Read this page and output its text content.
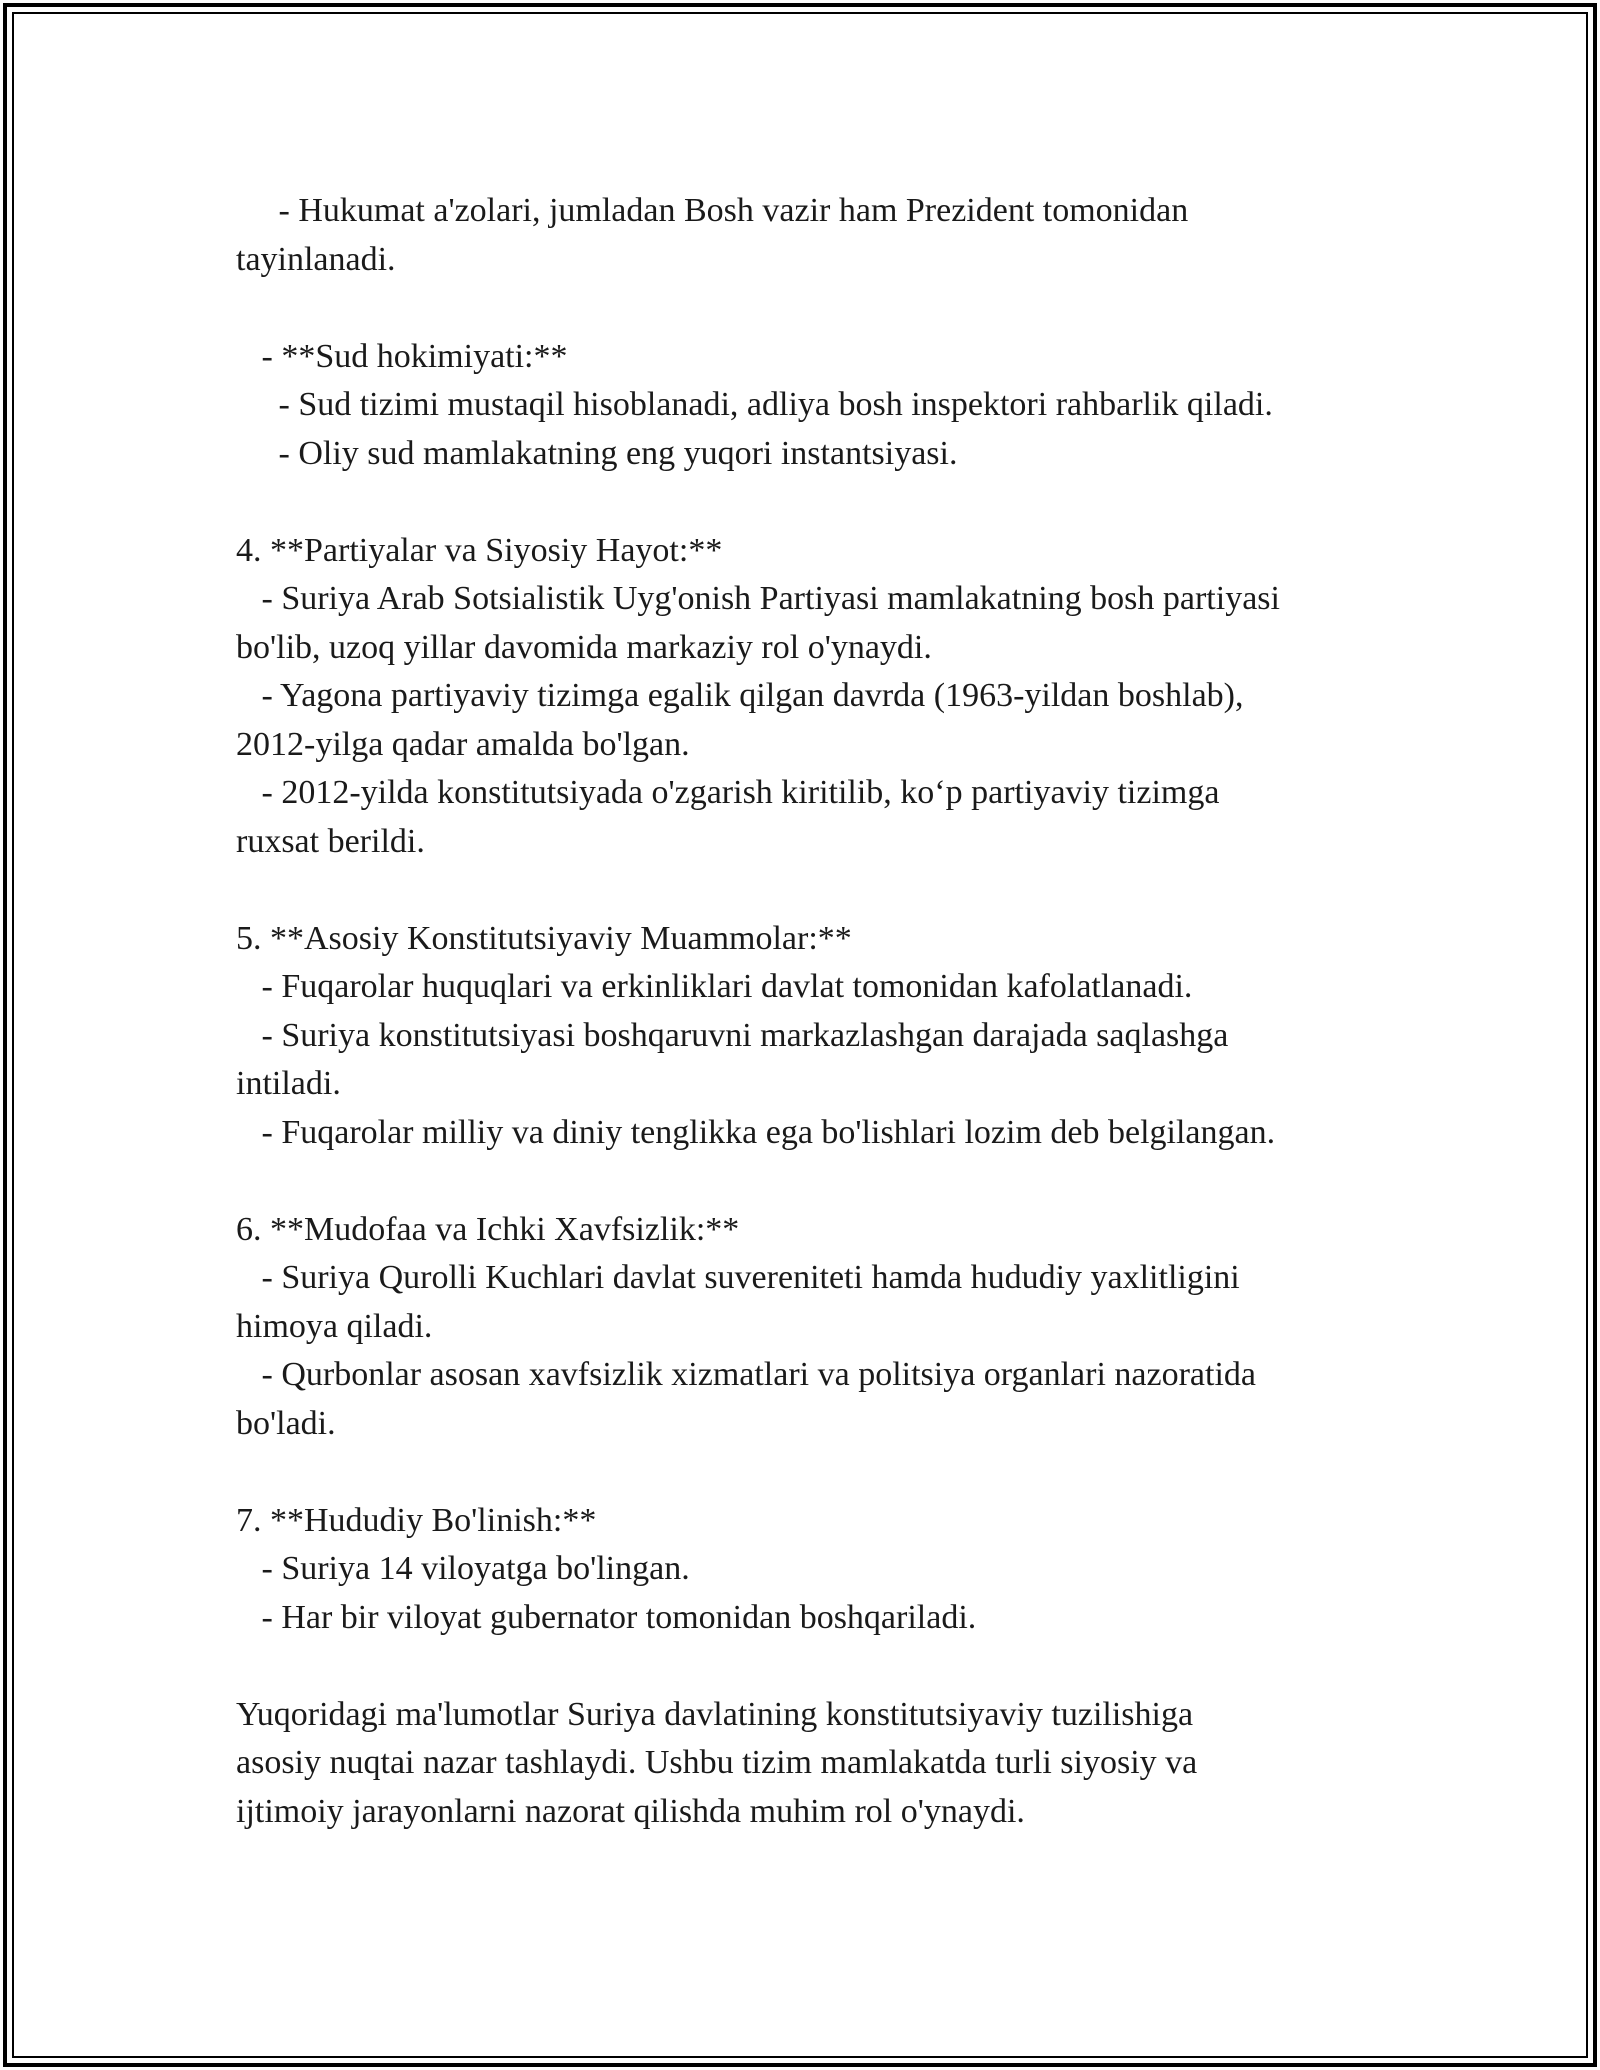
- Hukumat a'zolari, jumladan Bosh vazir ham Prezident tomonidan
tayinlanadi.
- **Sud hokimiyati:**
- Sud tizimi mustaqil hisoblanadi, adliya bosh inspektori rahbarlik qiladi.
- Oliy sud mamlakatning eng yuqori instantsiyasi.
4. **Partiyalar va Siyosiy Hayot:**
- Suriya Arab Sotsialistik Uyg'onish Partiyasi mamlakatning bosh partiyasi
bo'lib, uzoq yillar davomida markaziy rol o'ynaydi.
- Yagona partiyaviy tizimga egalik qilgan davrda (1963-yildan boshlab),
2012-yilga qadar amalda bo'lgan.
- 2012-yilda konstitutsiyada o'zgarish kiritilib, ko‘p partiyaviy tizimga
ruxsat berildi.
5. **Asosiy Konstitutsiyaviy Muammolar:**
- Fuqarolar huquqlari va erkinliklari davlat tomonidan kafolatlanadi.
- Suriya konstitutsiyasi boshqaruvni markazlashgan darajada saqlashga
intiladi.
- Fuqarolar milliy va diniy tenglikka ega bo'lishlari lozim deb belgilangan.
6. **Mudofaa va Ichki Xavfsizlik:**
- Suriya Qurolli Kuchlari davlat suvereniteti hamda hududiy yaxlitligini
himoya qiladi.
- Qurbonlar asosan xavfsizlik xizmatlari va politsiya organlari nazoratida
bo'ladi.
7. **Hududiy Bo'linish:**
- Suriya 14 viloyatga bo'lingan.
- Har bir viloyat gubernator tomonidan boshqariladi.
Yuqoridagi ma'lumotlar Suriya davlatining konstitutsiyaviy tuzilishiga
asosiy nuqtai nazar tashlaydi. Ushbu tizim mamlakatda turli siyosiy va
ijtimoiy jarayonlarni nazorat qilishda muhim rol o'ynaydi.
